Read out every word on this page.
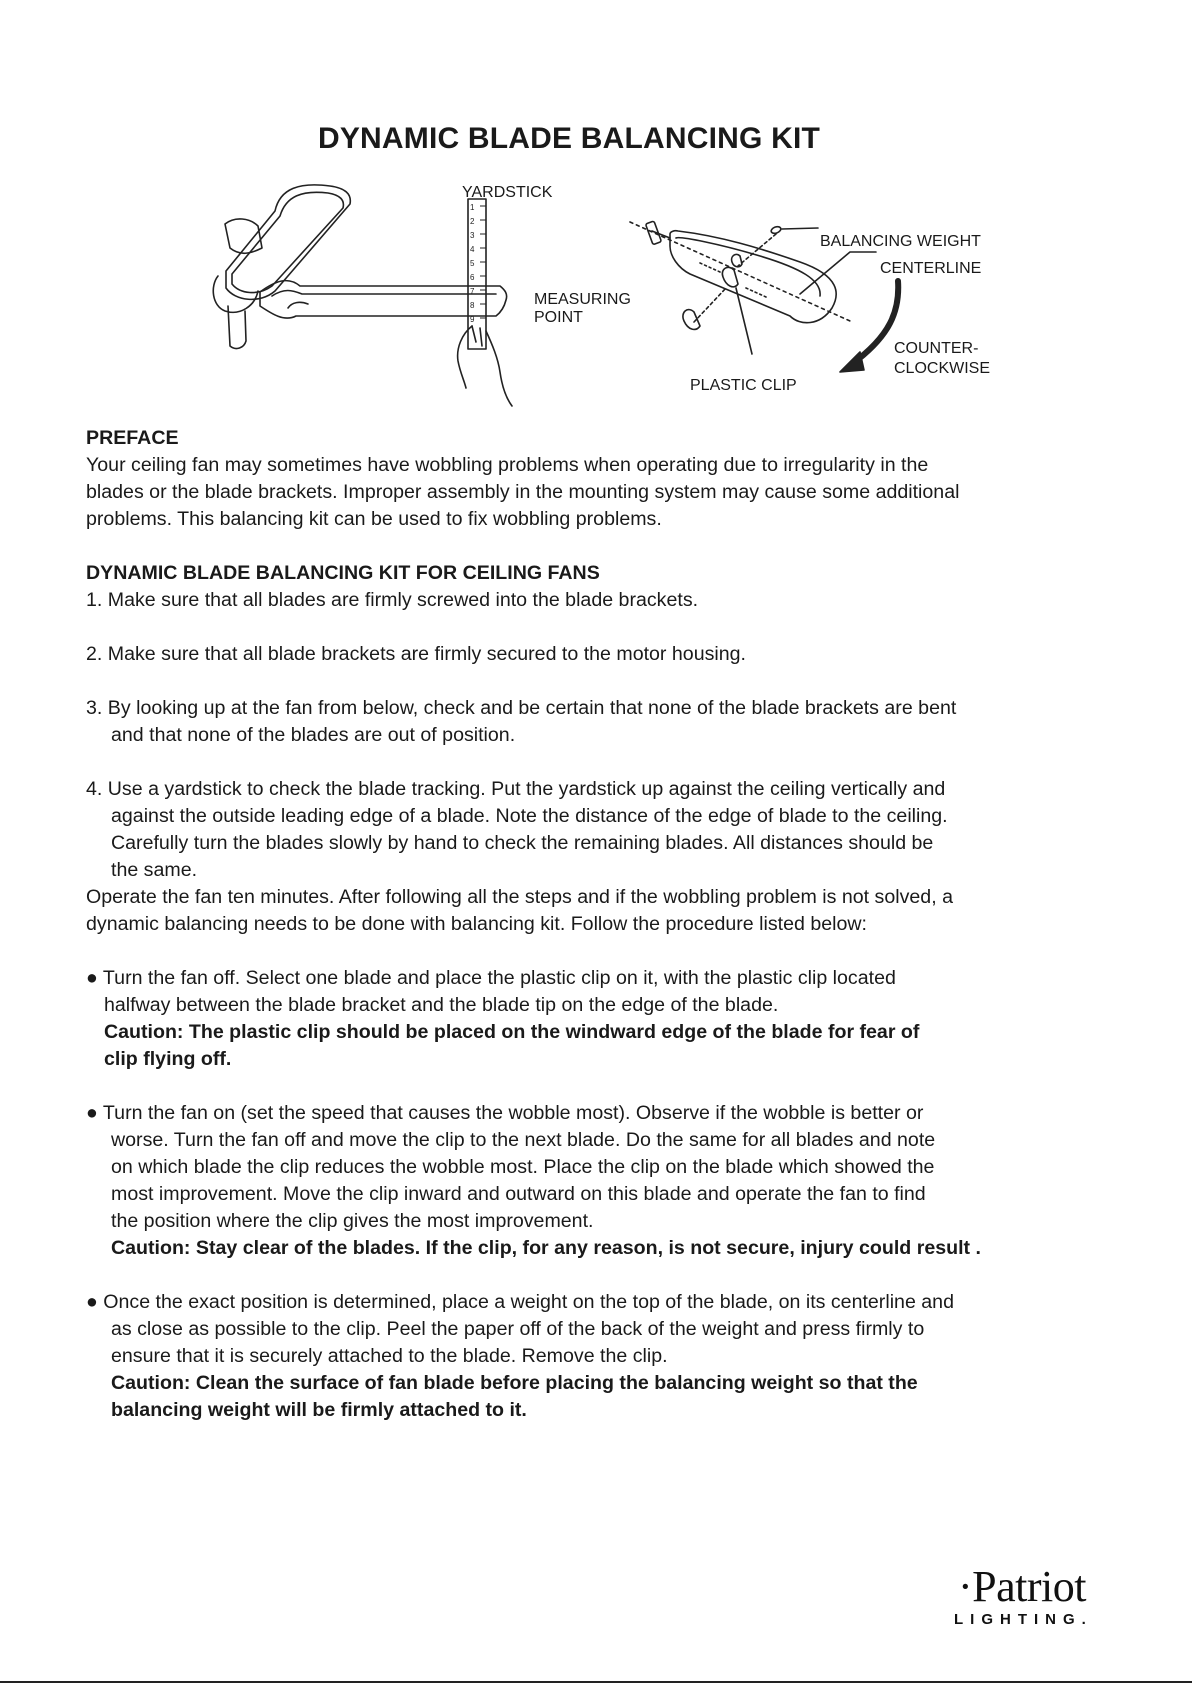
DYNAMIC BLADE BALANCING KIT
1
2
3
4
5
6
7
8
9
YARDSTICK
MEASURING
POINT
BALANCING WEIGHT
CENTERLINE
COUNTER-
CLOCKWISE
PLASTIC CLIP

PREFACE

Your ceiling fan may sometimes have wobbling problems when operating due to irregularity in the

blades or the blade brackets. Improper assembly in the mounting system may cause some additional

problems. This balancing kit can be used to fix wobbling problems.

DYNAMIC BLADE BALANCING KIT FOR CEILING FANS

1. Make sure that all blades are firmly screwed into the blade brackets.

2. Make sure that all blade brackets are firmly secured to the motor housing.

3. By looking up at the fan from below, check and be certain that none of the blade brackets are bent

and that none of the blades are out of position.

4. Use a yardstick to check the blade tracking. Put the yardstick up against the ceiling vertically and

against the outside leading edge of a blade. Note the distance of the edge of blade to the ceiling.

Carefully turn the blades slowly by hand to check the remaining blades. All distances should be

the same.

Operate the fan ten minutes. After following all the steps and if the wobbling problem is not solved, a

dynamic balancing needs to be done with balancing kit. Follow the procedure listed below:

● Turn the fan off. Select one blade and place the plastic clip on it, with the plastic clip located

halfway between the blade bracket and the blade tip on the edge of the blade.

Caution: The plastic clip should be placed on the windward edge of the blade for fear of

clip flying off.

● Turn the fan on (set the speed that causes the wobble most). Observe if the wobble is better or

worse. Turn the fan off and move the clip to the next blade. Do the same for all blades and note

on which blade the clip reduces the wobble most. Place the clip on the blade which showed the

most improvement. Move the clip inward and outward on this blade and operate the fan to find

the position where the clip gives the most improvement.

Caution: Stay clear of the blades. If the clip, for any reason, is not secure, injury could result .

● Once the exact position is determined, place a weight on the top of the blade, on its centerline and

as close as possible to the clip. Peel the paper off of the back of the weight and press firmly to

ensure that it is securely attached to the blade. Remove the clip.

Caution: Clean the surface of fan blade before placing the balancing weight so that the

balancing weight will be firmly attached to it.

·Patriot
LIGHTING.
